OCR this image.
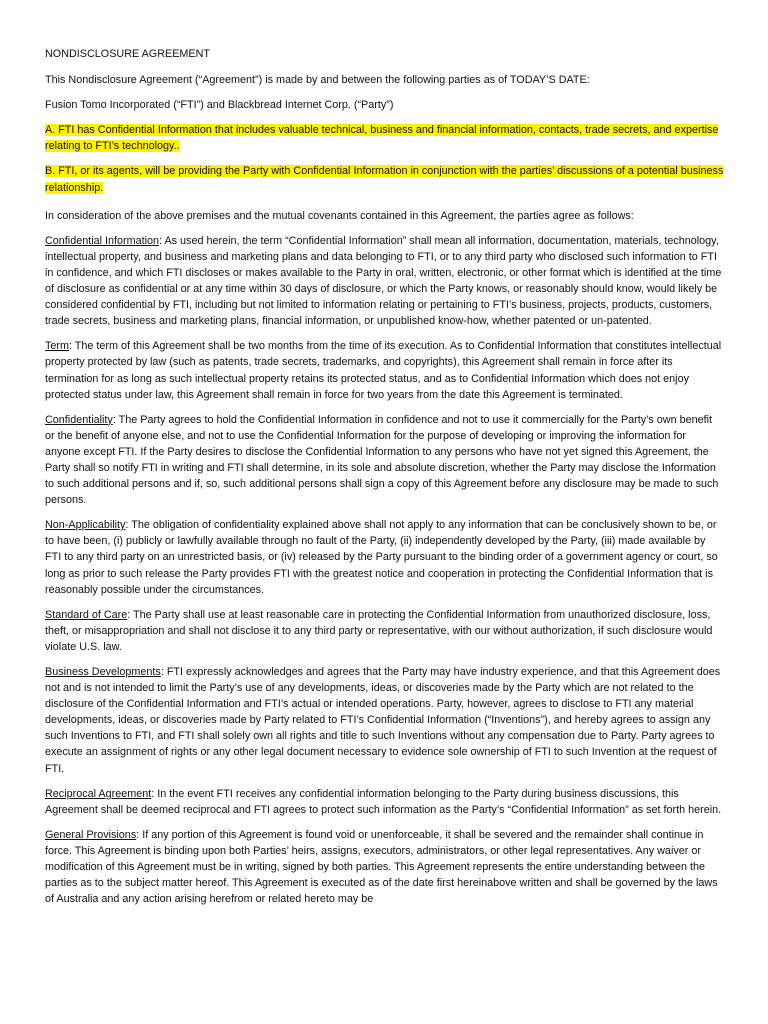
NONDISCLOSURE AGREEMENT

This Nondisclosure Agreement (“Agreement”) is made by and between the following parties as of TODAY’S DATE:

Fusion Tomo Incorporated (“FTI”) and Blackbread Internet Corp. (“Party”)

A. FTI has Confidential Information that includes valuable technical, business and financial information, contacts, trade secrets, and expertise relating to FTI’s technology..

B. FTI, or its agents, will be providing the Party with Confidential Information in conjunction with the parties’ discussions of a potential business relationship.

In consideration of the above premises and the mutual covenants contained in this Agreement, the parties agree as follows:

Confidential Information: As used herein, the term “Confidential Information” shall mean all information, documentation, materials, technology, intellectual property, and business and marketing plans and data belonging to FTI, or to any third party who disclosed such information to FTI in confidence, and which FTI discloses or makes available to the Party in oral, written, electronic, or other format which is identified at the time of disclosure as confidential or at any time within 30 days of disclosure, or which the Party knows, or reasonably should know, would likely be considered confidential by FTI, including but not limited to information relating or pertaining to FTI’s business, projects, products, customers, trade secrets, business and marketing plans, financial information, or unpublished know-how, whether patented or un-patented.

Term: The term of this Agreement shall be two months from the time of its execution. As to Confidential Information that constitutes intellectual property protected by law (such as patents, trade secrets, trademarks, and copyrights), this Agreement shall remain in force after its termination for as long as such intellectual property retains its protected status, and as to Confidential Information which does not enjoy protected status under law, this Agreement shall remain in force for two years from the date this Agreement is terminated.

Confidentiality: The Party agrees to hold the Confidential Information in confidence and not to use it commercially for the Party’s own benefit or the benefit of anyone else, and not to use the Confidential Information for the purpose of developing or improving the information for anyone except FTI. If the Party desires to disclose the Confidential Information to any persons who have not yet signed this Agreement, the Party shall so notify FTI in writing and FTI shall determine, in its sole and absolute discretion, whether the Party may disclose the Information to such additional persons and if, so, such additional persons shall sign a copy of this Agreement before any disclosure may be made to such persons.

Non-Applicability: The obligation of confidentiality explained above shall not apply to any information that can be conclusively shown to be, or to have been, (i) publicly or lawfully available through no fault of the Party, (ii) independently developed by the Party, (iii) made available by FTI to any third party on an unrestricted basis, or (iv) released by the Party pursuant to the binding order of a government agency or court, so long as prior to such release the Party provides FTI with the greatest notice and cooperation in protecting the Confidential Information that is reasonably possible under the circumstances.

Standard of Care: The Party shall use at least reasonable care in protecting the Confidential Information from unauthorized disclosure, loss, theft, or misappropriation and shall not disclose it to any third party or representative, with our without authorization, if such disclosure would violate U.S. law.

Business Developments: FTI expressly acknowledges and agrees that the Party may have industry experience, and that this Agreement does not and is not intended to limit the Party’s use of any developments, ideas, or discoveries made by the Party which are not related to the disclosure of the Confidential Information and FTI’s actual or intended operations. Party, however, agrees to disclose to FTI any material developments, ideas, or discoveries made by Party related to FTI’s Confidential Information (“Inventions”), and hereby agrees to assign any such Inventions to FTI, and FTI shall solely own all rights and title to such Inventions without any compensation due to Party. Party agrees to execute an assignment of rights or any other legal document necessary to evidence sole ownership of FTI to such Invention at the request of FTI.

Reciprocal Agreement: In the event FTI receives any confidential information belonging to the Party during business discussions, this Agreement shall be deemed reciprocal and FTI agrees to protect such information as the Party’s “Confidential Information” as set forth herein.

General Provisions: If any portion of this Agreement is found void or unenforceable, it shall be severed and the remainder shall continue in force. This Agreement is binding upon both Parties’ heirs, assigns, executors, administrators, or other legal representatives. Any waiver or modification of this Agreement must be in writing, signed by both parties. This Agreement represents the entire understanding between the parties as to the subject matter hereof. This Agreement is executed as of the date first hereinabove written and shall be governed by the laws of Australia and any action arising herefrom or related hereto may be
